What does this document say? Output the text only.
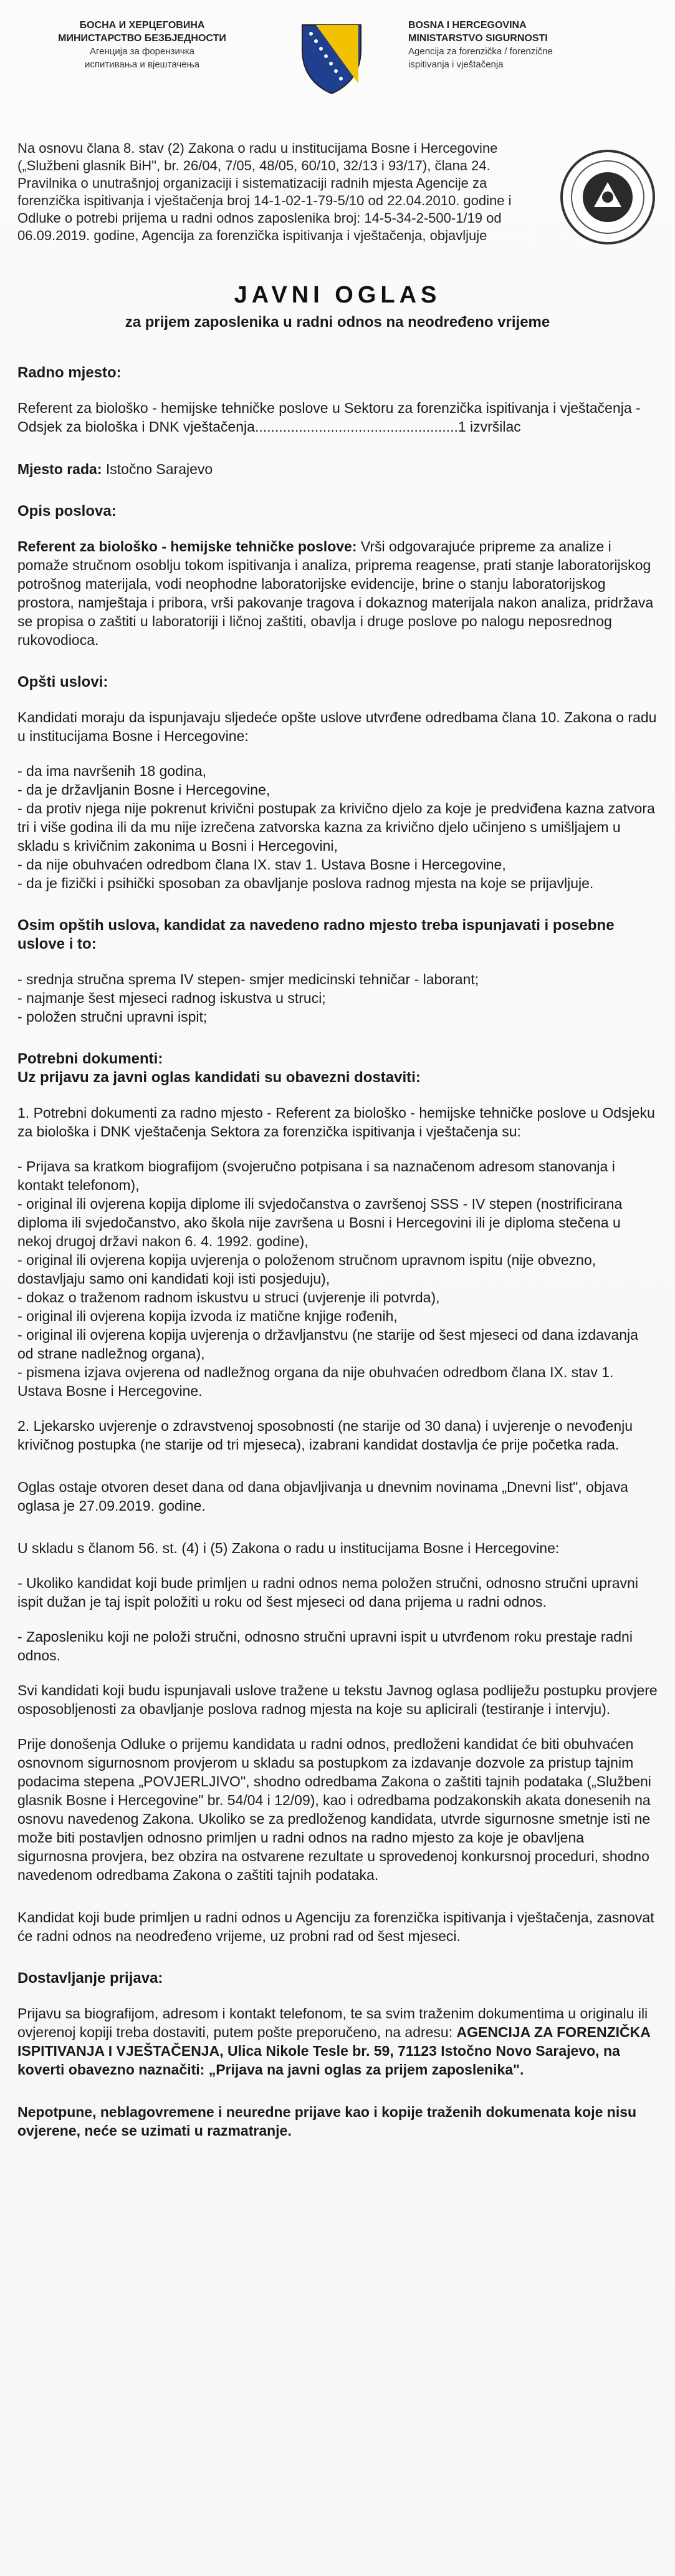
БОСНА И ХЕРЦЕГОВИНА
МИНИСТАРСТВО БЕЗБЈЕДНОСТИ
Агенција за форензичка
испитивања и вјештачења
BOSNA I HERCEGOVINA
MINISTARSTVO SIGURNOSTI
Agencija za forenzička / forenzične
ispitivanja i vještačenja

Na osnovu člana 8. stav (2) Zakona o radu u institucijama Bosne i Hercegovine („Službeni glasnik BiH", br. 26/04, 7/05, 48/05, 60/10, 32/13 i 93/17), člana 24. Pravilnika o unutrašnjoj organizaciji i sistematizaciji radnih mjesta Agencije za forenzička ispitivanja i vještačenja broj 14-1-02-1-79-5/10 od 22.04.2010. godine i Odluke o potrebi prijema u radni odnos zaposlenika broj: 14-5-34-2-500-1/19 od 06.09.2019. godine, Agencija za forenzička ispitivanja i vještačenja, objavljuje

JAVNI OGLAS
za prijem zaposlenika u radni odnos na neodređeno vrijeme
Radno mjesto:

Referent za biološko - hemijske tehničke poslove u Sektoru za forenzička ispitivanja i vještačenja - Odsjek za biološka i DNK vještačenja...................................................1 izvršilac

Mjesto rada: Istočno Sarajevo

Opis poslova:

Referent za biološko - hemijske tehničke poslove: Vrši odgovarajuće pripreme za analize i pomaže stručnom osoblju tokom ispitivanja i analiza, priprema reagense, prati stanje laboratorijskog potrošnog materijala, vodi neophodne laboratorijske evidencije, brine o stanju laboratorijskog prostora, namještaja i pribora, vrši pakovanje tragova i dokaznog materijala nakon analiza, pridržava se propisa o zaštiti u laboratoriji i ličnoj zaštiti, obavlja i druge poslove po nalogu neposrednog rukovodioca.

Opšti uslovi:

Kandidati moraju da ispunjavaju sljedeće opšte uslove utvrđene odredbama člana 10. Zakona o radu u institucijama Bosne i Hercegovine:

- da ima navršenih 18 godina,
- da je državljanin Bosne i Hercegovine,
- da protiv njega nije pokrenut krivični postupak za krivično djelo za koje je predviđena kazna zatvora tri i više godina ili da mu nije izrečena zatvorska kazna za krivično djelo učinjeno s umišljajem u skladu s krivičnim zakonima u Bosni i Hercegovini,
- da nije obuhvaćen odredbom člana IX. stav 1. Ustava Bosne i Hercegovine,
- da je fizički i psihički sposoban za obavljanje poslova radnog mjesta na koje se prijavljuje.
Osim opštih uslova, kandidat za navedeno radno mjesto treba ispunjavati i posebne uslove i to:
- srednja stručna sprema IV stepen- smjer medicinski tehničar - laborant;
- najmanje šest mjeseci radnog iskustva u struci;
- položen stručni upravni ispit;
Potrebni dokumenti:
Uz prijavu za javni oglas kandidati su obavezni dostaviti:

1. Potrebni dokumenti za radno mjesto - Referent za biološko - hemijske tehničke poslove u Odsjeku za biološka i DNK vještačenja Sektora za forenzička ispitivanja i vještačenja su:

- Prijava sa kratkom biografijom (svojeručno potpisana i sa naznačenom adresom stanovanja i kontakt telefonom),
- original ili ovjerena kopija diplome ili svjedočanstva o završenoj SSS - IV stepen (nostrificirana diploma ili svjedočanstvo, ako škola nije završena u Bosni i Hercegovini ili je diploma stečena u nekoj drugoj državi nakon 6. 4. 1992. godine),
- original ili ovjerena kopija uvjerenja o položenom stručnom upravnom ispitu (nije obvezno, dostavljaju samo oni kandidati koji isti posjeduju),
- dokaz o traženom radnom iskustvu u struci (uvjerenje ili potvrda),
- original ili ovjerena kopija izvoda iz matične knjige rođenih,
- original ili ovjerena kopija uvjerenja o državljanstvu (ne starije od šest mjeseci od dana izdavanja od strane nadležnog organa),
- pismena izjava ovjerena od nadležnog organa da nije obuhvaćen odredbom člana IX. stav 1. Ustava Bosne i Hercegovine.

2. Ljekarsko uvjerenje o zdravstvenoj sposobnosti (ne starije od 30 dana) i uvjerenje o nevođenju krivičnog postupka (ne starije od tri mjeseca), izabrani kandidat dostavlja će prije početka rada.

Oglas ostaje otvoren deset dana od dana objavljivanja u dnevnim novinama „Dnevni list", objava oglasa je 27.09.2019. godine.

U skladu s članom 56. st. (4) i (5) Zakona o radu u institucijama Bosne i Hercegovine:

- Ukoliko kandidat koji bude primljen u radni odnos nema položen stručni, odnosno stručni upravni ispit dužan je taj ispit položiti u roku od šest mjeseci od dana prijema u radni odnos.

- Zaposleniku koji ne položi stručni, odnosno stručni upravni ispit u utvrđenom roku prestaje radni odnos.

Svi kandidati koji budu ispunjavali uslove tražene u tekstu Javnog oglasa podliježu postupku provjere osposobljenosti za obavljanje poslova radnog mjesta na koje su aplicirali (testiranje i intervju).

Prije donošenja Odluke o prijemu kandidata u radni odnos, predloženi kandidat će biti obuhvaćen osnovnom sigurnosnom provjerom u skladu sa postupkom za izdavanje dozvole za pristup tajnim podacima stepena „POVJERLJIVO", shodno odredbama Zakona o zaštiti tajnih podataka („Službeni glasnik Bosne i Hercegovine" br. 54/04 i 12/09), kao i odredbama podzakonskih akata donesenih na osnovu navedenog Zakona. Ukoliko se za predloženog kandidata, utvrde sigurnosne smetnje isti ne može biti postavljen odnosno primljen u radni odnos na radno mjesto za koje je obavljena sigurnosna provjera, bez obzira na ostvarene rezultate u sprovedenoj konkursnoj proceduri, shodno navedenom odredbama Zakona o zaštiti tajnih podataka.

Kandidat koji bude primljen u radni odnos u Agenciju za forenzička ispitivanja i vještačenja, zasnovat će radni odnos na neodređeno vrijeme, uz probni rad od šest mjeseci.

Dostavljanje prijava:

Prijavu sa biografijom, adresom i kontakt telefonom, te sa svim traženim dokumentima u originalu ili ovjerenoj kopiji treba dostaviti, putem pošte preporučeno, na adresu: AGENCIJA ZA FORENZIČKA ISPITIVANJA I VJEŠTAČENJA, Ulica Nikole Tesle br. 59, 71123 Istočno Novo Sarajevo, na koverti obavezno naznačiti: „Prijava na javni oglas za prijem zaposlenika".

Nepotpune, neblagovremene i neuredne prijave kao i kopije traženih dokumenata koje nisu ovjerene, neće se uzimati u razmatranje.
